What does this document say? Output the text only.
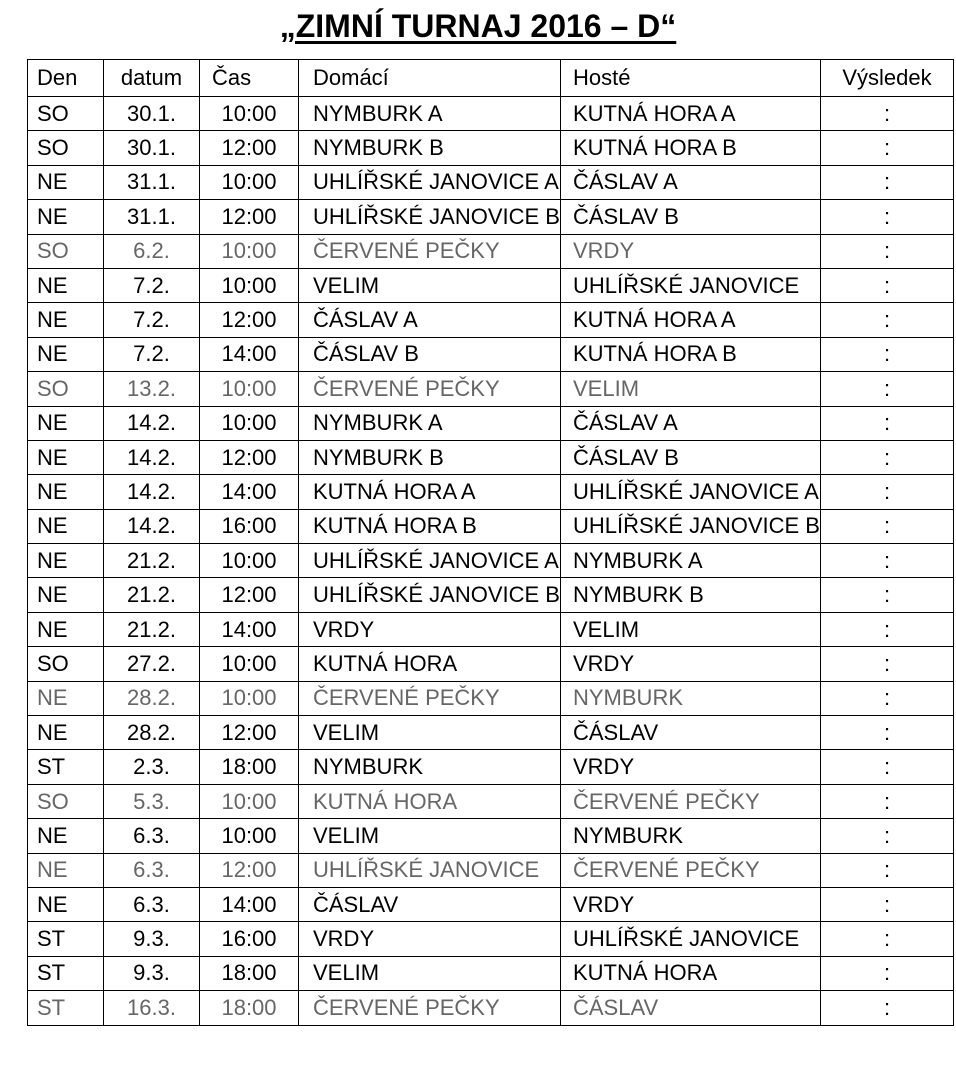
„ZIMNÍ TURNAJ 2016 – D“
Den	datum	Čas	Domácí	Hosté	Výsledek
SO	30.1.	10:00	NYMBURK A	KUTNÁ HORA A	:
SO	30.1.	12:00	NYMBURK B	KUTNÁ HORA B	:
NE	31.1.	10:00	UHLÍŘSKÉ JANOVICE A	ČÁSLAV A	:
NE	31.1.	12:00	UHLÍŘSKÉ JANOVICE B	ČÁSLAV B	:
SO	6.2.	10:00	ČERVENÉ PEČKY	VRDY	:
NE	7.2.	10:00	VELIM	UHLÍŘSKÉ JANOVICE	:
NE	7.2.	12:00	ČÁSLAV A	KUTNÁ HORA A	:
NE	7.2.	14:00	ČÁSLAV B	KUTNÁ HORA B	:
SO	13.2.	10:00	ČERVENÉ PEČKY	VELIM	:
NE	14.2.	10:00	NYMBURK A	ČÁSLAV A	:
NE	14.2.	12:00	NYMBURK B	ČÁSLAV B	:
NE	14.2.	14:00	KUTNÁ HORA A	UHLÍŘSKÉ JANOVICE A	:
NE	14.2.	16:00	KUTNÁ HORA B	UHLÍŘSKÉ JANOVICE B	:
NE	21.2.	10:00	UHLÍŘSKÉ JANOVICE A	NYMBURK A	:
NE	21.2.	12:00	UHLÍŘSKÉ JANOVICE B	NYMBURK B	:
NE	21.2.	14:00	VRDY	VELIM	:
SO	27.2.	10:00	KUTNÁ HORA	VRDY	:
NE	28.2.	10:00	ČERVENÉ PEČKY	NYMBURK	:
NE	28.2.	12:00	VELIM	ČÁSLAV	:
ST	2.3.	18:00	NYMBURK	VRDY	:
SO	5.3.	10:00	KUTNÁ HORA	ČERVENÉ PEČKY	:
NE	6.3.	10:00	VELIM	NYMBURK	:
NE	6.3.	12:00	UHLÍŘSKÉ JANOVICE	ČERVENÉ PEČKY	:
NE	6.3.	14:00	ČÁSLAV	VRDY	:
ST	9.3.	16:00	VRDY	UHLÍŘSKÉ JANOVICE	:
ST	9.3.	18:00	VELIM	KUTNÁ HORA	:
ST	16.3.	18:00	ČERVENÉ PEČKY	ČÁSLAV	:
